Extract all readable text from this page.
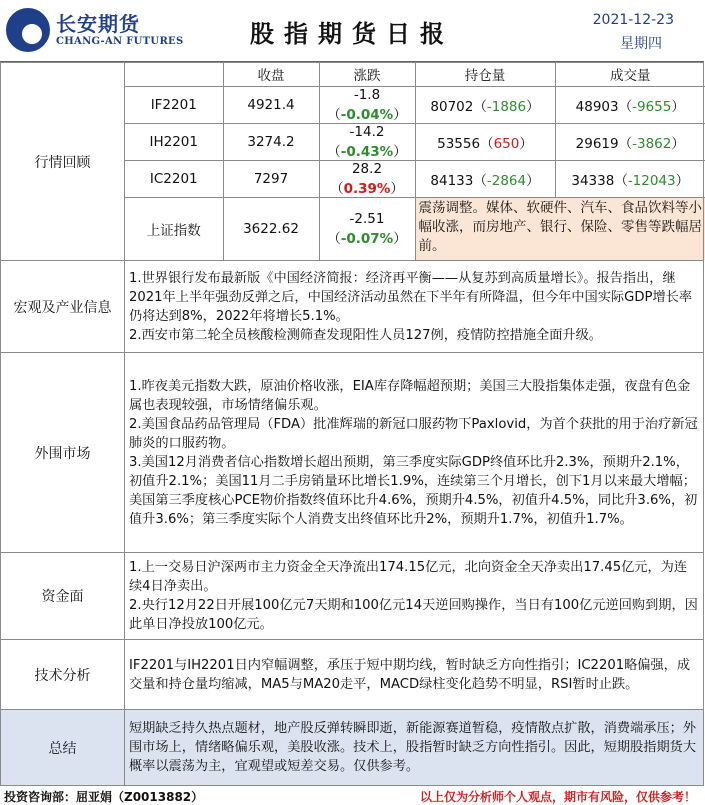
长安期货
CHANG-AN FUTURES	股指期货日报	2021-12-23
星期四
行情回顾	
	收盘	涨跌	持仓量	成交量
IF2201	4921.4	-1.8（-0.04%）	80702（-1886）	48903（-9655）
IH2201	3274.2	-14.2（-0.43%）	53556（650）	29619（-3862）
IC2201	7297	28.2（0.39%）	84133（-2864）	34338（-12043）
上证指数	3622.62	-2.51（-0.07%）	震荡调整。媒体、软硬件、汽车、食品饮料等小幅收涨，而房地产、银行、保险、零售等跌幅居前。

宏观及产业信息	
1.世界银行发布最新版《中国经济简报：经济再平衡——从复苏到高质量增长》。报告指出，继2021年上半年强劲反弹之后，中国经济活动虽然在下半年有所降温，但今年中国实际GDP增长率仍将达到8%，2022年将增长5.1%。
2.西安市第二轮全员核酸检测筛查发现阳性人员127例，疫情防控措施全面升级。

外围市场	
1.昨夜美元指数大跌，原油价格收涨，EIA库存降幅超预期；美国三大股指集体走强，夜盘有色金属也表现较强，市场情绪偏乐观。
2.美国食品药品管理局（FDA）批准辉瑞的新冠口服药物下Paxlovid，为首个获批的用于治疗新冠肺炎的口服药物。
3.美国12月消费者信心指数增长超出预期，第三季度实际GDP终值环比升2.3%，预期升2.1%，初值升2.1%；美国11月二手房销量环比增长1.9%，连续第三个月增长，创下1月以来最大增幅；美国第三季度核心PCE物价指数终值环比升4.6%，预期升4.5%，初值升4.5%，同比升3.6%，初值升3.6%；第三季度实际个人消费支出终值环比升2%，预期升1.7%，初值升1.7%。

资金面	
1.上一交易日沪深两市主力资金全天净流出174.15亿元，北向资金全天净卖出17.45亿元，为连续4日净卖出。
2.央行12月22日开展100亿元7天期和100亿元14天逆回购操作，当日有100亿元逆回购到期，因此单日净投放100亿元。

技术分析	IF2201与IH2201日内窄幅调整，承压于短中期均线，暂时缺乏方向性指引；IC2201略偏强，成交量和持仓量均缩减，MA5与MA20走平，MACD绿柱变化趋势不明显，RSI暂时止跌。
总结	短期缺乏持久热点题材，地产股反弹转瞬即逝，新能源赛道暂稳，疫情散点扩散，消费端承压；外围市场上，情绪略偏乐观，美股收涨。技术上，股指暂时缺乏方向性指引。因此，短期股指期货大概率以震荡为主，宜观望或短差交易。仅供参考。
投资咨询部：屈亚娟（Z0013882）	以上仅为分析师个人观点，期市有风险，仅供参考！
